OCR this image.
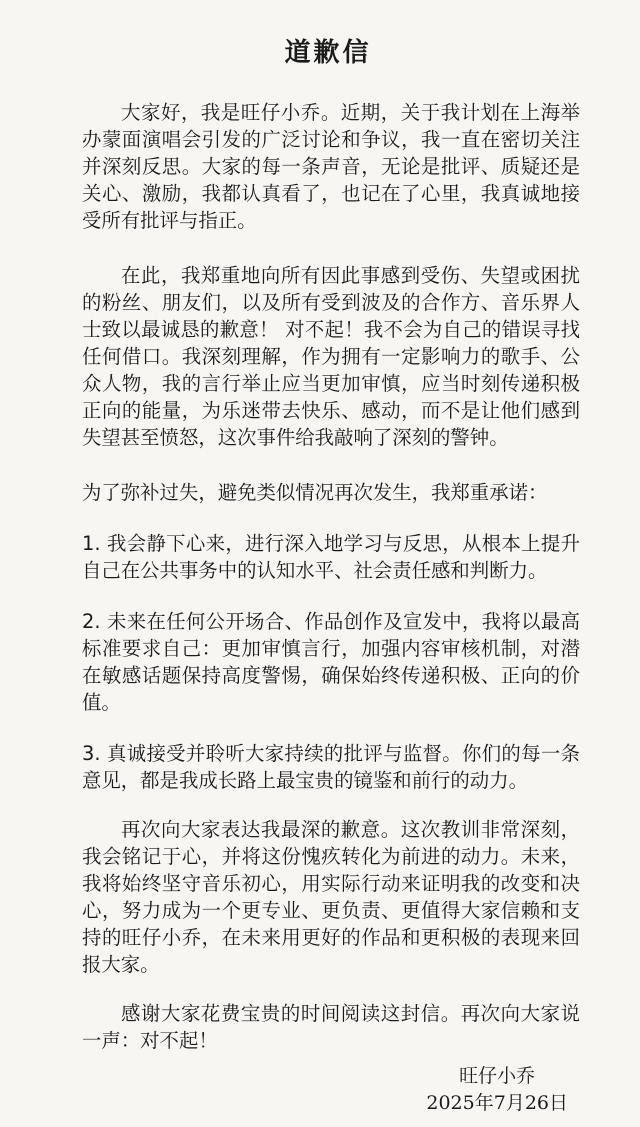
道歉信

大家好，我是旺仔小乔。近期，关于我计划在上海举办蒙面演唱会引发的广泛讨论和争议，我一直在密切关注并深刻反思。大家的每一条声音，无论是批评、质疑还是关心、激励，我都认真看了，也记在了心里，我真诚地接受所有批评与指正。

在此，我郑重地向所有因此事感到受伤、失望或困扰的粉丝、朋友们，以及所有受到波及的合作方、音乐界人士致以最诚恳的歉意！ 对不起！我不会为自己的错误寻找任何借口。我深刻理解，作为拥有一定影响力的歌手、公众人物，我的言行举止应当更加审慎，应当时刻传递积极正向的能量，为乐迷带去快乐、感动，而不是让他们感到失望甚至愤怒，这次事件给我敲响了深刻的警钟。

为了弥补过失，避免类似情况再次发生，我郑重承诺：

1. 我会静下心来，进行深入地学习与反思，从根本上提升自己在公共事务中的认知水平、社会责任感和判断力。

2. 未来在任何公开场合、作品创作及宣发中，我将以最高标准要求自己：更加审慎言行，加强内容审核机制，对潜在敏感话题保持高度警惕，确保始终传递积极、正向的价值。

3. 真诚接受并聆听大家持续的批评与监督。你们的每一条意见，都是我成长路上最宝贵的镜鉴和前行的动力。

再次向大家表达我最深的歉意。这次教训非常深刻，我会铭记于心，并将这份愧疚转化为前进的动力。未来，我将始终坚守音乐初心，用实际行动来证明我的改变和决心，努力成为一个更专业、更负责、更值得大家信赖和支持的旺仔小乔，在未来用更好的作品和更积极的表现来回报大家。

感谢大家花费宝贵的时间阅读这封信。再次向大家说一声：对不起！

旺仔小乔
2025年7月26日
